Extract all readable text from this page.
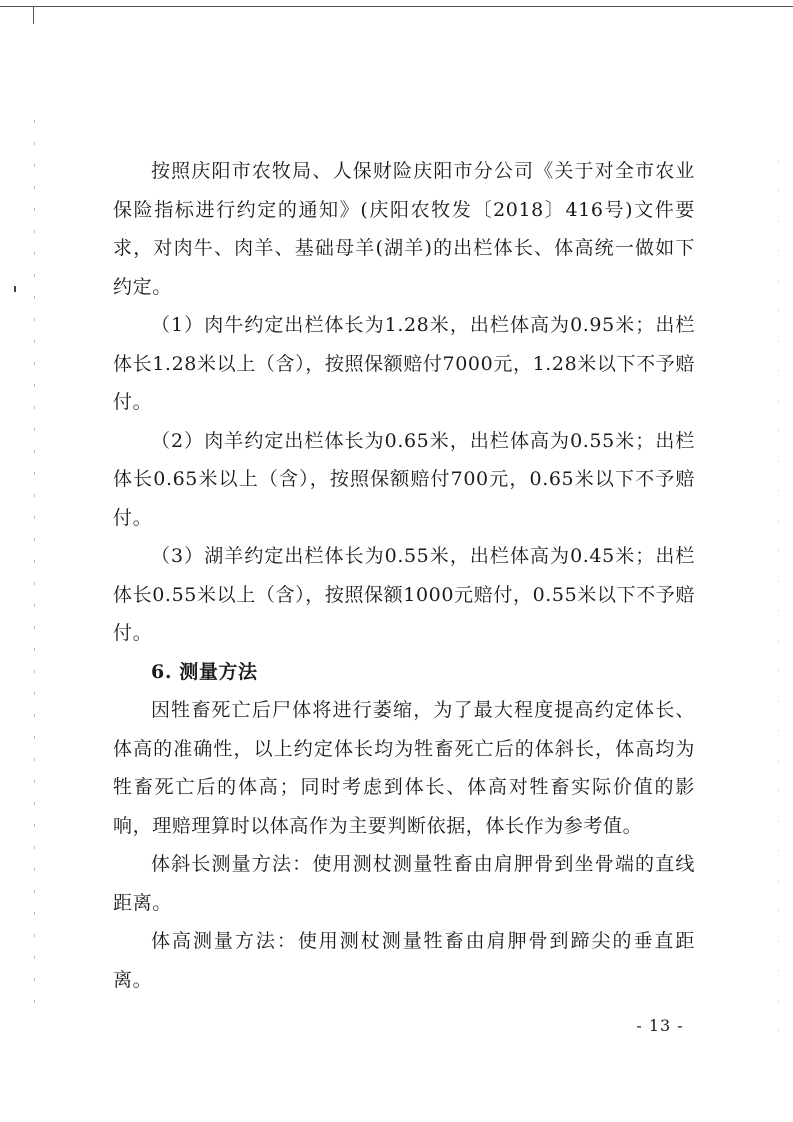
按照庆阳市农牧局、人保财险庆阳市分公司《关于对全市农业保险指标进行约定的通知》(庆阳农牧发〔2018〕416号)文件要求，对肉牛、肉羊、基础母羊(湖羊)的出栏体长、体高统一做如下约定。

（1）肉牛约定出栏体长为1.28米，出栏体高为0.95米；出栏体长1.28米以上（含），按照保额赔付7000元，1.28米以下不予赔付。

（2）肉羊约定出栏体长为0.65米，出栏体高为0.55米；出栏体长0.65米以上（含），按照保额赔付700元，0.65米以下不予赔付。

（3）湖羊约定出栏体长为0.55米，出栏体高为0.45米；出栏体长0.55米以上（含），按照保额1000元赔付，0.55米以下不予赔付。

6. 测量方法

因牲畜死亡后尸体将进行萎缩，为了最大程度提高约定体长、体高的准确性，以上约定体长均为牲畜死亡后的体斜长，体高均为牲畜死亡后的体高；同时考虑到体长、体高对牲畜实际价值的影响，理赔理算时以体高作为主要判断依据，体长作为参考值。

体斜长测量方法：使用测杖测量牲畜由肩胛骨到坐骨端的直线距离。

体高测量方法：使用测杖测量牲畜由肩胛骨到蹄尖的垂直距离。

- 13 -
